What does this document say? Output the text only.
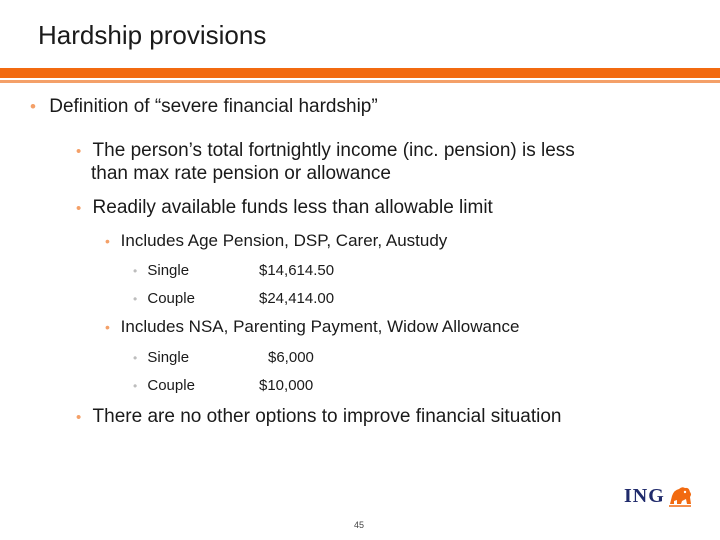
Hardship provisions
• Definition of “severe financial hardship”
• The person’s total fortnightly income (inc. pension) is less
than max rate pension or allowance
• Readily available funds less than allowable limit
• Includes Age Pension, DSP, Carer, Austudy
• Single	$14,614.50
• Couple	$24,414.00
• Includes NSA, Parenting Payment, Widow Allowance
• Single	$6,000
• Couple	$10,000
• There are no other options to improve financial situation
ING
45
